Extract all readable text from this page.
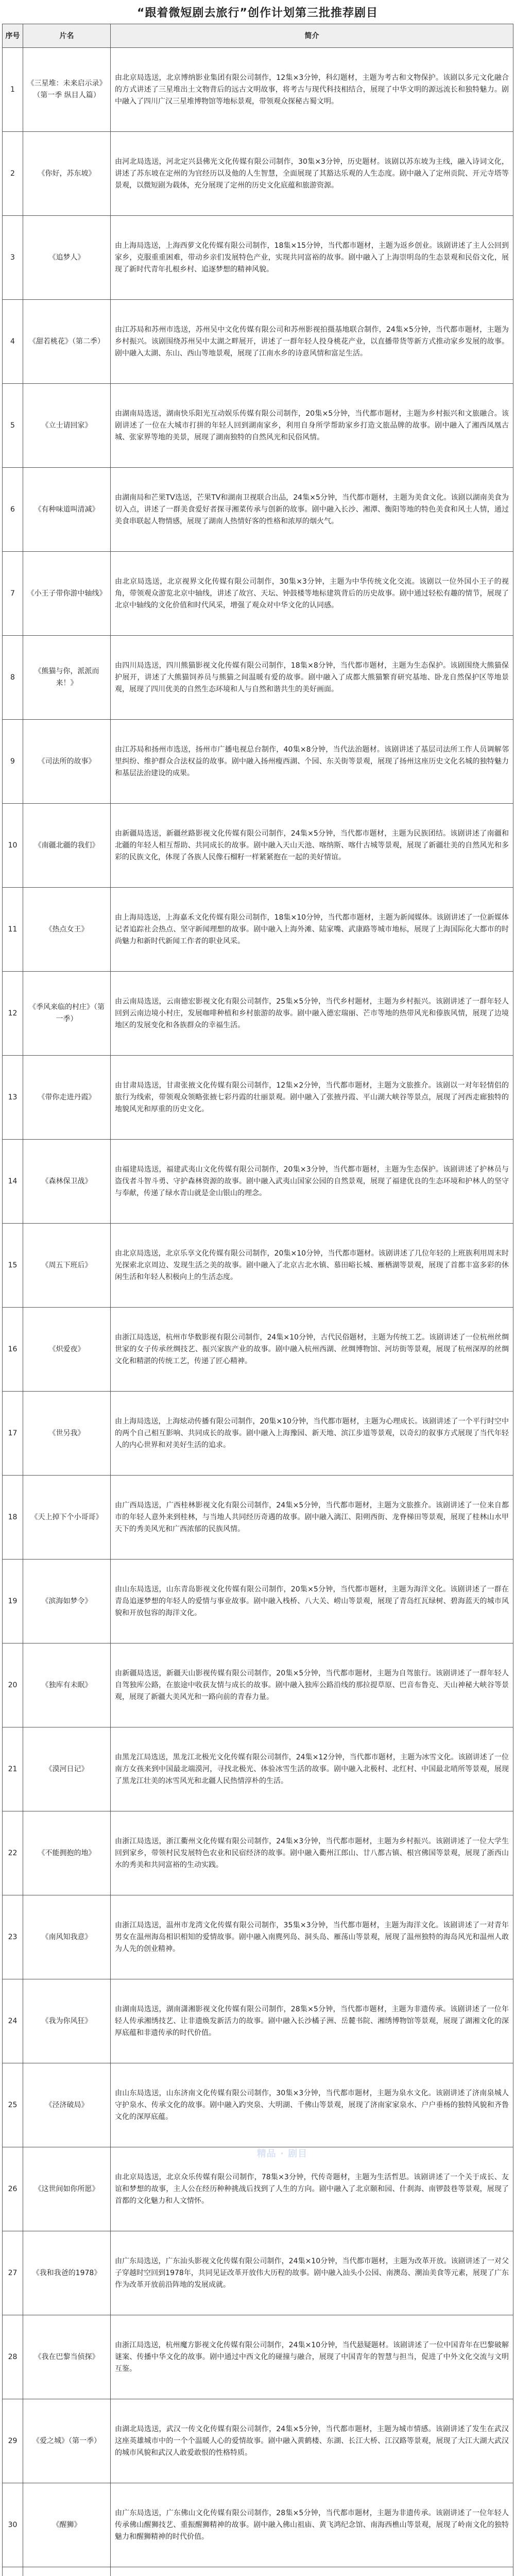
“跟着微短剧去旅行”创作计划第三批推荐剧目
序号	片名	简介
1	《三星堆：未来启示录》（第一季 纵目人篇）	由北京局选送，北京博纳影业集团有限公司制作，12集×3分钟，科幻题材，主题为考古和文物保护。该剧以多元文化融合的方式讲述了三星堆出土文物背后的远古文明故事，将考古与现代科技相结合，展现了中华文明的源远流长和独特魅力。剧中融入了四川广汉三星堆博物馆等地标景观，带领观众探秘古蜀文明。
2	《你好，苏东坡》	由河北局选送，河北定兴县佛光文化传媒有限公司制作，30集×3分钟，历史题材。该剧以苏东坡为主线，融入诗词文化，讲述了苏东坡在定州的为官经历以及他的人生智慧，全面展现了其豁达乐观的人生态度。剧中融入了定州贡院、开元寺塔等景观，以微短剧为载体，充分展现了定州的历史文化底蕴和旅游资源。
3	《追梦人》	由上海局选送，上海西萝文化传媒有限公司制作，18集×15分钟，当代都市题材，主题为返乡创业。该剧讲述了主人公回到家乡，克服重重困难，带动乡亲们发展特色产业，实现共同富裕的故事。剧中融入了上海崇明岛的生态景观和民俗文化，展现了新时代青年扎根乡村、追逐梦想的精神风貌。
4	《甜若桃花》（第二季）	由江苏局和苏州市选送，苏州吴中文化传媒有限公司和苏州影视拍摄基地联合制作，24集×5分钟，当代都市题材，主题为乡村振兴。该剧围绕苏州吴中太湖之畔展开，讲述了一群年轻人投身桃花产业，以直播带货等新方式推动家乡发展的故事。剧中融入太湖、东山、西山等地景观，展现了江南水乡的诗意风情和富足生活。
5	《立士请回家》	由湖南局选送，湖南快乐阳光互动娱乐传媒有限公司制作，20集×5分钟，当代都市题材，主题为乡村振兴和文旅融合。该剧讲述了一位在大城市打拼的年轻人回到湖南家乡，利用自身所学帮助家乡打造文旅品牌的故事。剧中融入了湘西凤凰古城、张家界等地的美景，展现了湖南独特的自然风光和民俗风情。
6	《有种味道叫清减》	由湖南局和芒果TV选送，芒果TV和湖南卫视联合出品，24集×5分钟，当代都市题材，主题为美食文化。该剧以湖南美食为切入点，讲述了一群美食爱好者探寻湘菜传承与创新的故事。剧中融入长沙、湘潭、衡阳等地的特色美食和风土人情，通过美食串联起人物情感，展现了湖南人热情好客的性格和浓厚的烟火气。
7	《小王子带你游中轴线》	由北京局选送，北京视界文化传媒有限公司制作，30集×3分钟，主题为中华传统文化交流。该剧以一位外国小王子的视角，带领观众游览北京中轴线，讲述了故宫、天坛、钟鼓楼等地标建筑背后的历史故事。剧中通过轻松有趣的情节，展现了北京中轴线的文化价值和时代风采，增强了观众对中华文化的认同感。
8	《熊猫与你，派派而来！》	由四川局选送，四川熊猫影视文化传媒有限公司制作，18集×8分钟，当代都市题材，主题为生态保护。该剧围绕大熊猫保护展开，讲述了大熊猫饲养员与熊猫之间温暖有爱的故事。剧中融入了成都大熊猫繁育研究基地、卧龙自然保护区等地景观，展现了四川优美的自然生态环境和人与自然和谐共生的美好画面。
9	《司法所的故事》	由江苏局和扬州市选送，扬州市广播电视总台制作，40集×8分钟，当代法治题材。该剧讲述了基层司法所工作人员调解邻里纠纷、维护群众合法权益的故事。剧中融入扬州瘦西湖、个园、东关街等景观，展现了扬州这座历史文化名城的独特魅力和基层法治建设的成果。
10	《南疆北疆的我们》	由新疆局选送，新疆丝路影视文化传媒有限公司制作，24集×5分钟，当代都市题材，主题为民族团结。该剧讲述了南疆和北疆的年轻人相互帮助、共同成长的故事。剧中融入天山天池、喀纳斯、喀什古城等景观，展现了新疆壮美的自然风光和多彩的民族文化，体现了各族人民像石榴籽一样紧紧抱在一起的美好情谊。
11	《热点女王》	由上海局选送，上海嘉禾文化传媒有限公司制作，18集×10分钟，当代都市题材，主题为新闻媒体。该剧讲述了一位新媒体记者追踪社会热点、坚守新闻理想的故事。剧中融入上海外滩、陆家嘴、武康路等城市地标，展现了上海国际化大都市的时尚魅力和新时代新闻工作者的职业风采。
12	《季风来临的村庄》（第一季）	由云南局选送，云南德宏影视文化有限公司制作，25集×5分钟，当代乡村题材，主题为乡村振兴。该剧讲述了一群年轻人回到云南边境小村庄，发展咖啡种植和乡村旅游的故事。剧中融入德宏瑞丽、芒市等地的热带风光和傣族风情，展现了边境地区的发展变化和各族群众的幸福生活。
13	《带你走进丹霞》	由甘肃局选送，甘肃张掖文化传媒有限公司制作，12集×2分钟，当代都市题材，主题为文旅推介。该剧以一对年轻情侣的旅行为线索，带领观众领略张掖七彩丹霞的壮丽景观。剧中融入了张掖丹霞、平山湖大峡谷等景点，展现了河西走廊独特的地貌风光和厚重的历史文化。
14	《森林保卫战》	由福建局选送，福建武夷山文化传媒有限公司制作，20集×3分钟，当代都市题材，主题为生态保护。该剧讲述了护林员与盗伐者斗智斗勇、守护森林资源的故事。剧中融入武夷山国家公园的自然景观，展现了福建优良的生态环境和护林人的坚守与奉献，传递了绿水青山就是金山银山的理念。
15	《周五下班后》	由北京局选送，北京乐享文化传媒有限公司制作，20集×10分钟，当代都市题材。该剧讲述了几位年轻的上班族利用周末时光探索北京周边、发现生活之美的故事。剧中融入了北京古北水镇、慕田峪长城、雁栖湖等景观，展现了首都丰富多彩的休闲生活和年轻人积极向上的生活态度。
16	《炽爱夜》	由浙江局选送，杭州市华数影视有限公司制作，24集×10分钟，古代民俗题材，主题为传统工艺。该剧讲述了一位杭州丝绸世家的女子传承丝绸技艺、振兴家族产业的故事。剧中融入杭州西湖、丝绸博物馆、河坊街等景观，展现了杭州深厚的丝绸文化和精湛的传统工艺，传递了匠心精神。
17	《世另我》	由上海局选送，上海炫动传播有限公司制作，20集×10分钟，当代都市题材，主题为心理成长。该剧讲述了一个平行时空中的两个自己相互影响、共同成长的故事。剧中融入上海豫园、新天地、滨江步道等景观，以奇幻的叙事方式展现了当代年轻人的内心世界和对美好生活的追求。
18	《天上掉下个小哥哥》	由广西局选送，广西桂林影视文化有限公司制作，24集×5分钟，当代都市题材，主题为文旅推介。该剧讲述了一位来自都市的年轻人意外来到桂林，与当地人共同经历奇遇的故事。剧中融入漓江、阳朔西街、龙脊梯田等景观，展现了桂林山水甲天下的秀美风光和广西浓郁的民族风情。
19	《滨海如梦令》	由山东局选送，山东青岛影视文化传媒有限公司制作，20集×5分钟，当代都市题材，主题为海洋文化。该剧讲述了一群在青岛追逐梦想的年轻人的爱情与事业故事。剧中融入栈桥、八大关、崂山等景观，展现了青岛红瓦绿树、碧海蓝天的城市风貌和开放包容的海洋文化。
20	《独库有未眠》	由新疆局选送，新疆天山影视传媒有限公司制作，20集×5分钟，当代都市题材，主题为自驾旅行。该剧讲述了一群年轻人自驾独库公路，在旅途中收获友情与成长的故事。剧中融入独库公路沿线的那拉提草原、巴音布鲁克、天山神秘大峡谷等景观，展现了新疆大美风光和一路向前的青春力量。
21	《漠河日记》	由黑龙江局选送，黑龙江北极光文化传媒有限公司制作，24集×12分钟，当代都市题材，主题为冰雪文化。该剧讲述了一位南方女孩来到中国最北端漠河，寻找北极光、体验冰雪生活的故事。剧中融入北极村、北红村、中国最北哨所等景观，展现了黑龙江壮美的冰雪风光和北疆人民热情淳朴的生活。
22	《不能拥抱的地》	由浙江局选送，浙江衢州文化传媒有限公司制作，24集×3分钟，当代都市题材，主题为乡村振兴。该剧讲述了一位大学生回到家乡，带领村民发展特色农业和民宿经济的故事。剧中融入衢州江郎山、廿八都古镇、根宫佛国等景观，展现了浙西山水的秀美和共同富裕的生动实践。
23	《南风知我意》	由浙江局选送，温州市龙湾文化传媒有限公司制作，35集×3分钟，当代都市题材，主题为海洋文化。该剧讲述了一对青年男女在温州海岛相识相知的爱情故事。剧中融入南麂列岛、洞头岛、雁荡山等景观，展现了温州独特的海岛风光和温州人敢为人先的创业精神。
24	《我为你风狂》	由湖南局选送，湖南潇湘影视文化传媒有限公司制作，28集×5分钟，当代都市题材，主题为非遗传承。该剧讲述了一位年轻人传承湘绣技艺、让非遗焕发新活力的故事。剧中融入长沙橘子洲、岳麓书院、湘绣博物馆等景观，展现了湖湘文化的深厚底蕴和非遗传承的时代价值。
25	《泾济破局》	由山东局选送，山东济南文化传媒有限公司制作，30集×3分钟，当代都市题材，主题为泉水文化。该剧讲述了济南泉城人守护泉水、传承文化的故事。剧中融入趵突泉、大明湖、千佛山等景观，展现了济南家家泉水、户户垂杨的独特风貌和齐鲁文化的深厚底蕴。
26	《这世间如你所愿》	由北京局选送，北京众乐传媒有限公司制作，78集×3分钟，代传奇题材，主题为生活哲思。该剧讲述了一个关于成长、友谊和梦想的故事，主人公在经历种种挑战后找到了人生的方向。剧中融入了北京颐和园、什刹海、南锣鼓巷等景观，展现了首都的文化魅力和人文情怀。
27	《我和我爸的1978》	由广东局选送，广东汕头影视文化传媒有限公司制作，24集×10分钟，当代都市题材，主题为改革开放。该剧讲述了一对父子穿越时空回到1978年，共同见证改革开放伟大历程的故事。剧中融入汕头小公园、南澳岛、潮汕美食等元素，展现了广东作为改革开放前沿阵地的发展成就。
28	《我在巴黎当侦探》	由浙江局选送，杭州魔方影视文化传媒有限公司制作，24集×10分钟，当代悬疑题材。该剧讲述了一位中国青年在巴黎破解谜案、传播中华文化的故事。剧中通过中西文化的碰撞与融合，展现了中国青年的智慧与担当，促进了中外文化交流与文明互鉴。
29	《爱之城》（第一季）	由湖北局选送，武汉一传文化传媒有限公司制作，24集×5分钟，当代都市题材，主题为城市情感。该剧讲述了发生在武汉这座英雄城市中的一个个温暖人心的爱情故事。剧中融入黄鹤楼、东湖、长江大桥、江汉路等景观，展现了大江大湖大武汉的城市风貌和武汉人敢爱敢恨的性格特质。
30	《醒狮》	由广东局选送，广东佛山文化传媒有限公司制作，28集×5分钟，当代都市题材，主题为非遗传承。该剧讲述了一位年轻人传承佛山醒狮技艺、重振醒狮精神的故事。剧中融入佛山祖庙、黄飞鸿纪念馆、南海西樵山等景观，展现了岭南文化的独特魅力和醒狮精神的时代价值。

精品 · 剧目
